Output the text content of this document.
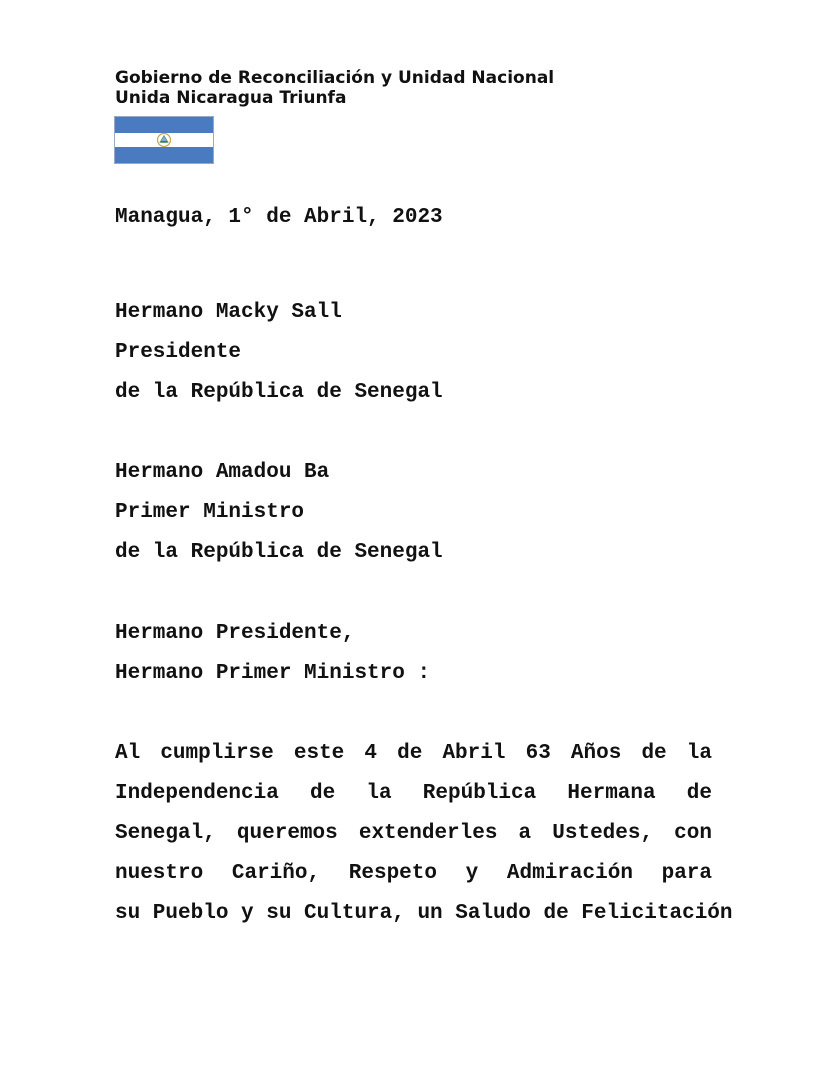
Gobierno de Reconciliación y Unidad Nacional
Unida Nicaragua Triunfa
Managua, 1° de Abril, 2023
Hermano Macky Sall
Presidente
de la República de Senegal
Hermano Amadou Ba
Primer Ministro
de la República de Senegal
Hermano Presidente,
Hermano Primer Ministro :
Al cumplirse este 4 de Abril 63 Años de la
Independencia de la República Hermana de
Senegal, queremos extenderles a Ustedes, con
nuestro Cariño, Respeto y Admiración para
su Pueblo y su Cultura, un Saludo de Felicitación
